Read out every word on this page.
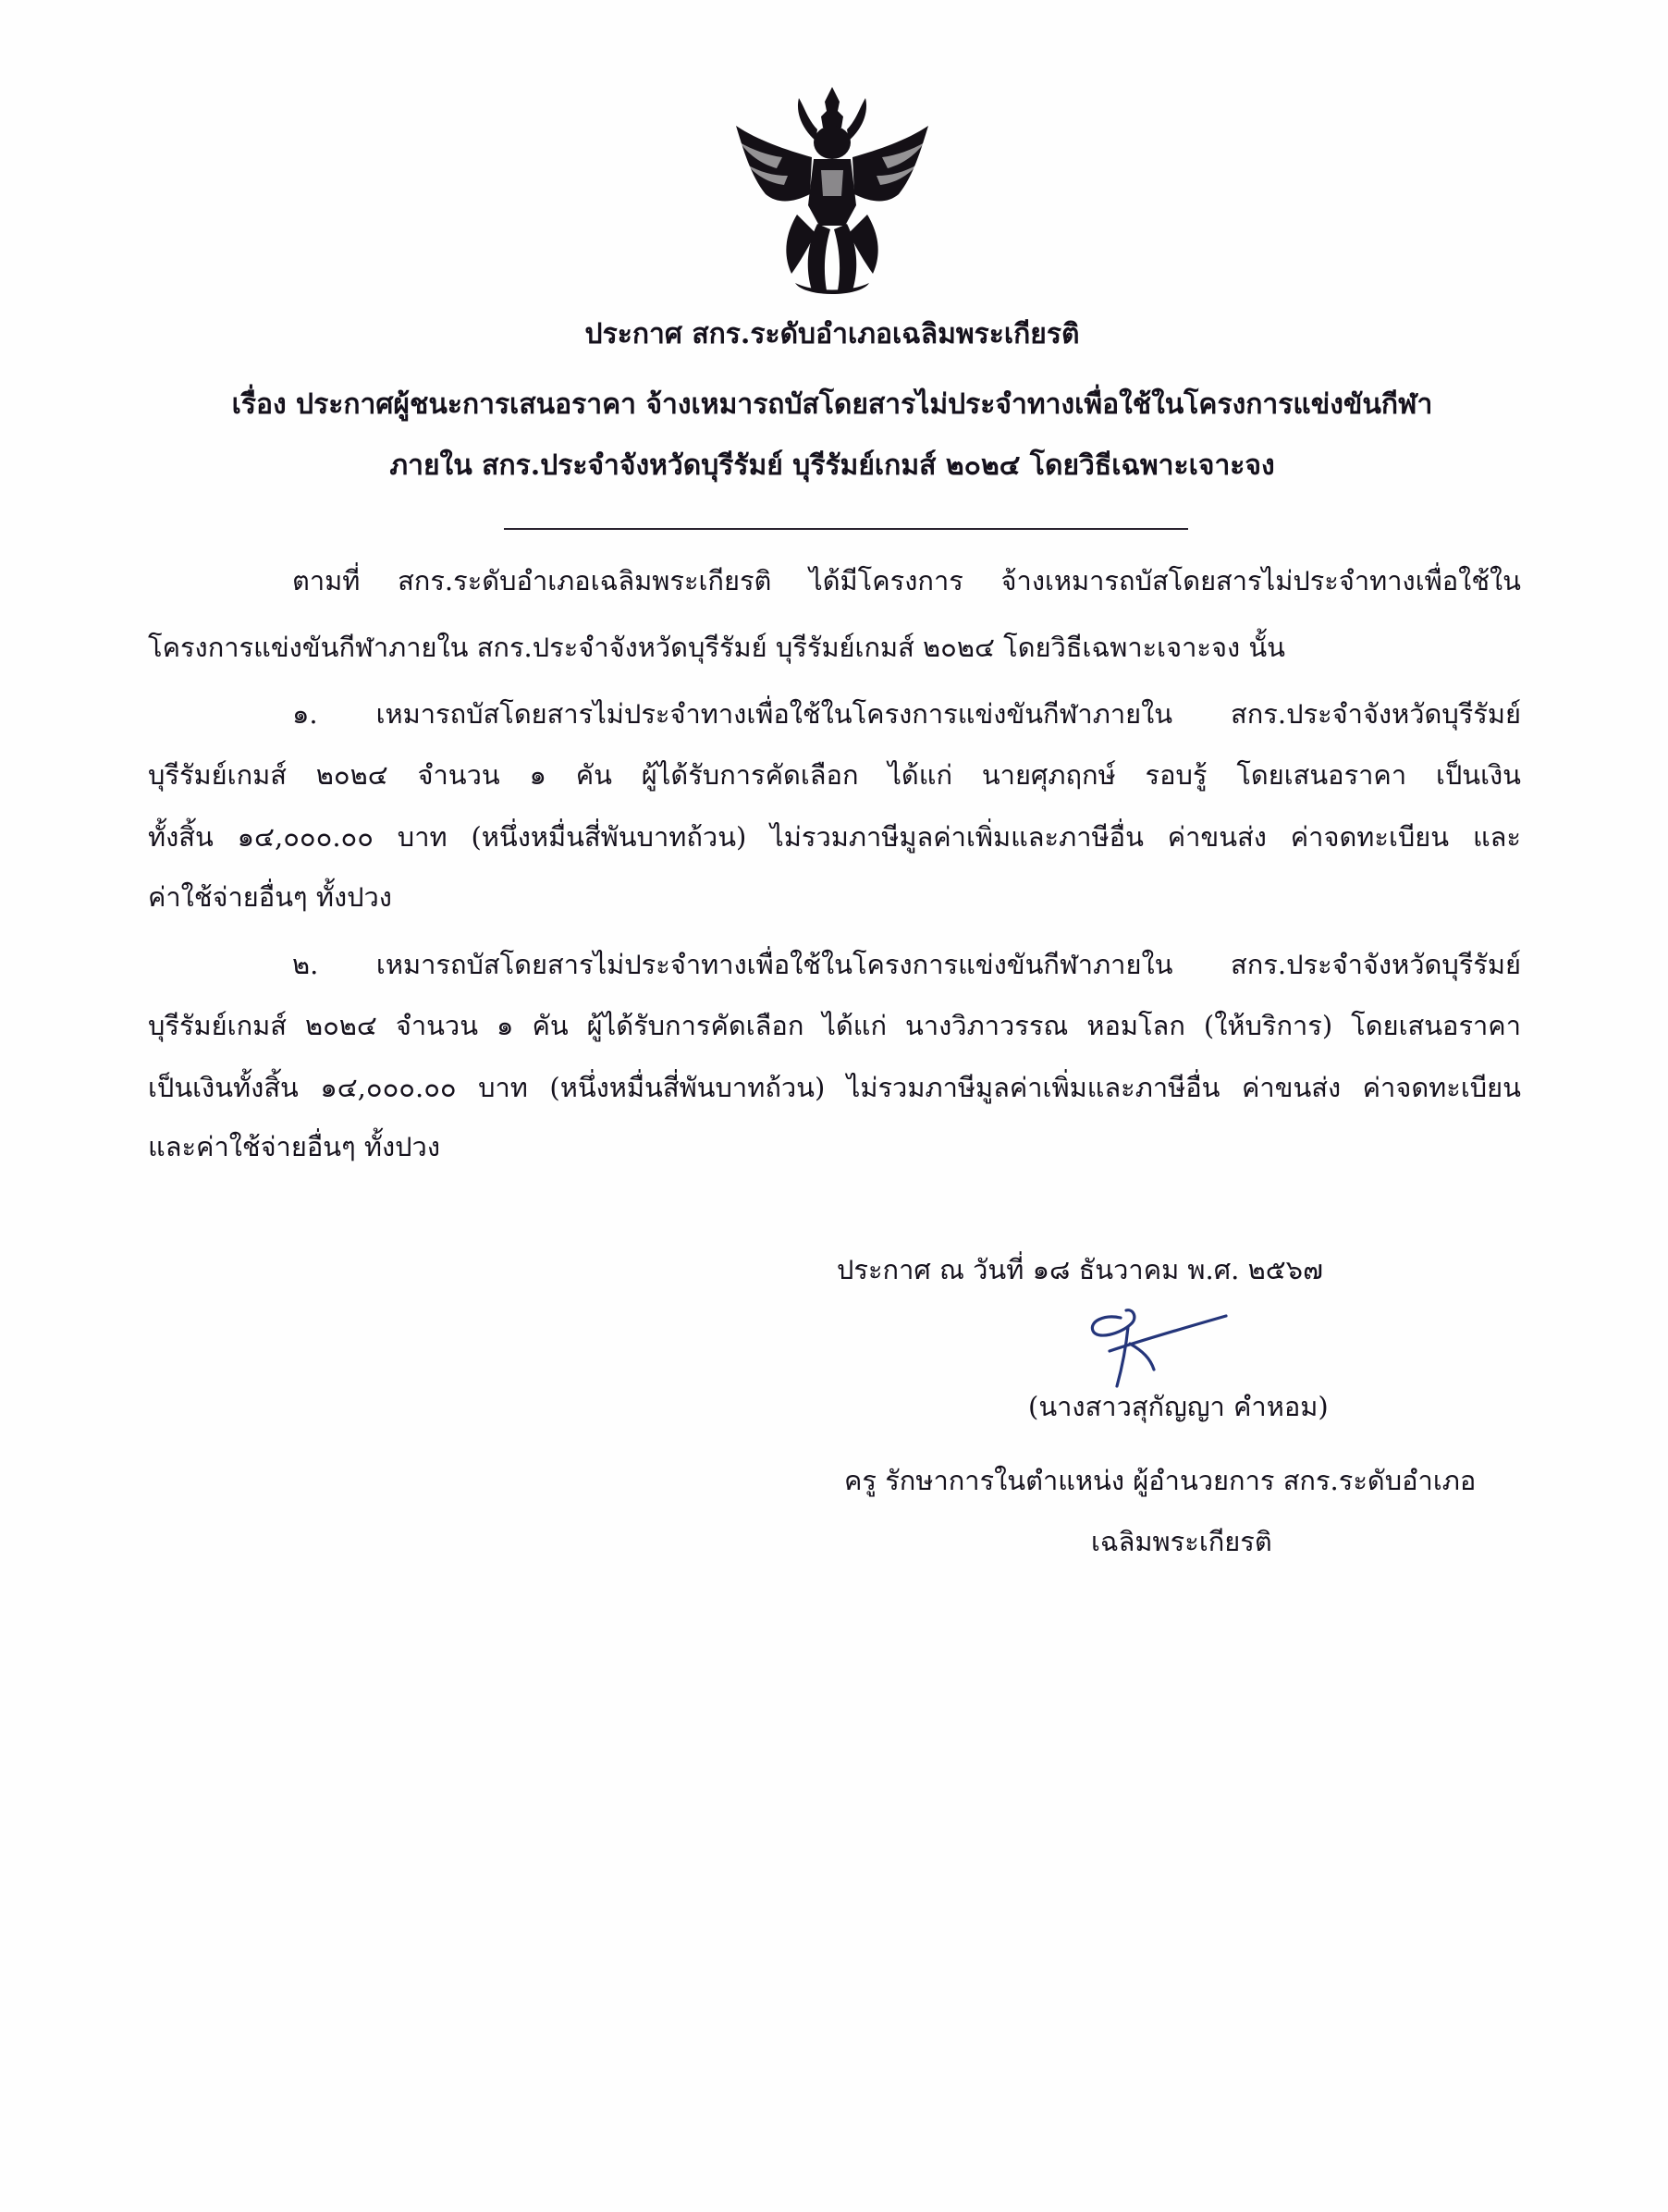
ประกาศ สกร.ระดับอำเภอเฉลิมพระเกียรติ
เรื่อง ประกาศผู้ชนะการเสนอราคา จ้างเหมารถบัสโดยสารไม่ประจำทางเพื่อใช้ในโครงการแข่งขันกีฬา
ภายใน สกร.ประจำจังหวัดบุรีรัมย์ บุรีรัมย์เกมส์ ๒๐๒๔ โดยวิธีเฉพาะเจาะจง
ตามที่ สกร.ระดับอำเภอเฉลิมพระเกียรติ ได้มีโครงการ จ้างเหมารถบัสโดยสารไม่ประจำทางเพื่อใช้ใน
โครงการแข่งขันกีฬาภายใน สกร.ประจำจังหวัดบุรีรัมย์ บุรีรัมย์เกมส์ ๒๐๒๔ โดยวิธีเฉพาะเจาะจง นั้น
๑. เหมารถบัสโดยสารไม่ประจำทางเพื่อใช้ในโครงการแข่งขันกีฬาภายใน สกร.ประจำจังหวัดบุรีรัมย์
บุรีรัมย์เกมส์ ๒๐๒๔ จำนวน ๑ คัน ผู้ได้รับการคัดเลือก ได้แก่ นายศุภฤกษ์ รอบรู้ โดยเสนอราคา เป็นเงิน
ทั้งสิ้น ๑๔,๐๐๐.๐๐ บาท (หนึ่งหมื่นสี่พันบาทถ้วน) ไม่รวมภาษีมูลค่าเพิ่มและภาษีอื่น ค่าขนส่ง ค่าจดทะเบียน และ
ค่าใช้จ่ายอื่นๆ ทั้งปวง
๒. เหมารถบัสโดยสารไม่ประจำทางเพื่อใช้ในโครงการแข่งขันกีฬาภายใน สกร.ประจำจังหวัดบุรีรัมย์
บุรีรัมย์เกมส์ ๒๐๒๔ จำนวน ๑ คัน ผู้ได้รับการคัดเลือก ได้แก่ นางวิภาวรรณ หอมโลก (ให้บริการ) โดยเสนอราคา
เป็นเงินทั้งสิ้น ๑๔,๐๐๐.๐๐ บาท (หนึ่งหมื่นสี่พันบาทถ้วน) ไม่รวมภาษีมูลค่าเพิ่มและภาษีอื่น ค่าขนส่ง ค่าจดทะเบียน
และค่าใช้จ่ายอื่นๆ ทั้งปวง
ประกาศ ณ วันที่ ๑๘ ธันวาคม พ.ศ. ๒๕๖๗
(นางสาวสุกัญญา คำหอม)
ครู รักษาการในตำแหน่ง ผู้อำนวยการ สกร.ระดับอำเภอ
เฉลิมพระเกียรติ
